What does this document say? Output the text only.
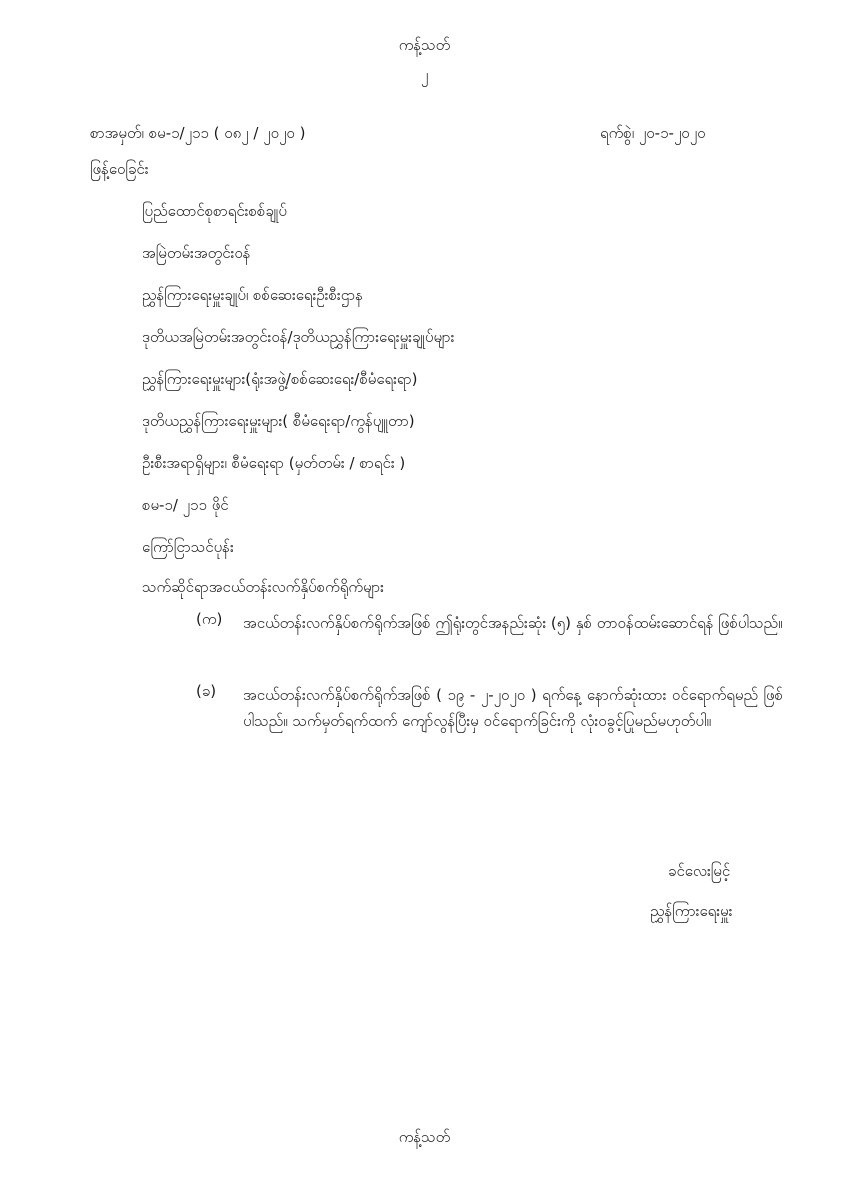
ကန့်သတ်
၂
စာအမှတ်၊ စမ-၁/၂၁၁ ( ၀၈၂ / ၂၀၂၀ )	ရက်စွဲ၊ ၂၀-၁-၂၀၂၀
ဖြန့်ဝေခြင်း
ပြည်ထောင်စုစာရင်းစစ်ချုပ်
အမြဲတမ်းအတွင်းဝန်
ညွှန်ကြားရေးမှူးချုပ်၊ စစ်ဆေးရေးဦးစီးဌာန
ဒုတိယအမြဲတမ်းအတွင်းဝန်/ဒုတိယညွှန်ကြားရေးမှူးချုပ်များ
ညွှန်ကြားရေးမှူးများ(ရုံးအဖွဲ့/စစ်ဆေးရေး/စီမံရေးရာ)
ဒုတိယညွှန်ကြားရေးမှူးများ( စီမံရေးရာ/ကွန်ပျူတာ)
ဦးစီးအရာရှိများ၊ စီမံရေးရာ (မှတ်တမ်း / စာရင်း )
စမ-၁/ ၂၁၁ ဖိုင်
ကြော်ငြာသင်ပုန်း
သက်ဆိုင်ရာအငယ်တန်းလက်နှိပ်စက်ရိုက်များ
(က) အငယ်တန်းလက်နှိပ်စက်ရိုက်အဖြစ် ဤရုံးတွင်အနည်းဆုံး (၅) နှစ် တာဝန်ထမ်းဆောင်ရန် ဖြစ်ပါသည်။
(ခ) အငယ်တန်းလက်နှိပ်စက်ရိုက်အဖြစ် ( ၁၉ - ၂-၂၀၂၀ ) ရက်နေ့ နောက်ဆုံးထား ဝင်ရောက်ရမည် ဖြစ်ပါသည်။ သက်မှတ်ရက်ထက် ကျော်လွန်ပြီးမှ ဝင်ရောက်ခြင်းကို လုံးဝခွင့်ပြုမည်မဟုတ်ပါ။
ခင်လေးမြင့်
ညွှန်ကြားရေးမှူး
ကန့်သတ်
